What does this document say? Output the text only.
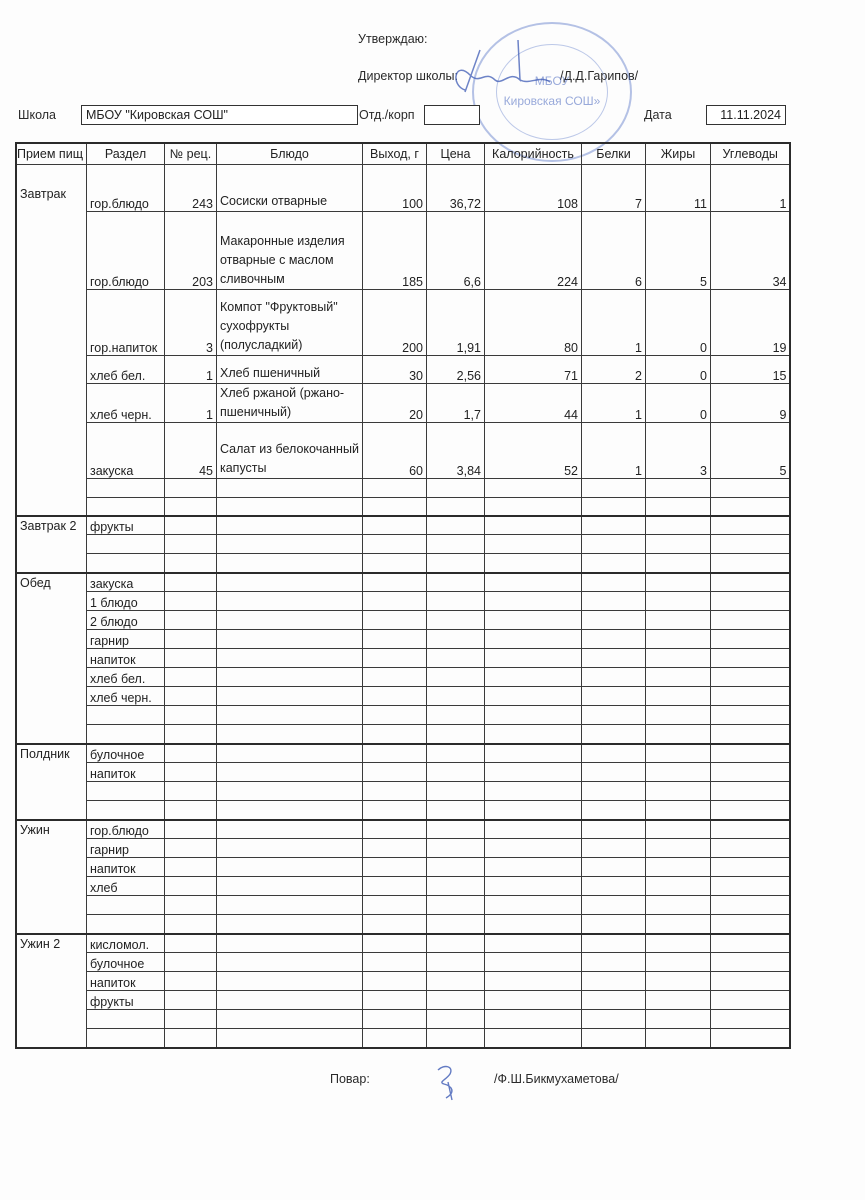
Утверждаю:
Директор школы:	/Д.Д.Гарипов/
МБОУ
Кировская СОШ»
Школа	МБОУ "Кировская СОШ"	Отд./корп	Дата	11.11.2024
Прием пищ	Раздел	№ рец.	Блюдо	Выход, г	Цена	Калорийность	Белки	Жиры	Углеводы
Завтрак	гор.блюдо	243	Сосиски отварные	100	36,72	108	7	11	1
	гор.блюдо	203	Макаронные изделия отварные с маслом сливочным	185	6,6	224	6	5	34
	гор.напиток	3	Компот "Фруктовый" сухофрукты (полусладкий)	200	1,91	80	1	0	19
	хлеб бел.	1	Хлеб пшеничный	30	2,56	71	2	0	15
	хлеб черн.	1	Хлеб ржаной (ржано-пшеничный)	20	1,7	44	1	0	9
	закуска	45	Салат из белокочанный капусты	60	3,84	52	1	3	5

Завтрак 2	фрукты								

Обед	закуска								
	1 блюдо								
	2 блюдо								
	гарнир								
	напиток								
	хлеб бел.								
	хлеб черн.								

Полдник	булочное								
	напиток								

Ужин	гор.блюдо								
	гарнир								
	напиток								
	хлеб								

Ужин 2	кисломол.								
	булочное								
	напиток								
	фрукты								

Повар:	/Ф.Ш.Бикмухаметова/
